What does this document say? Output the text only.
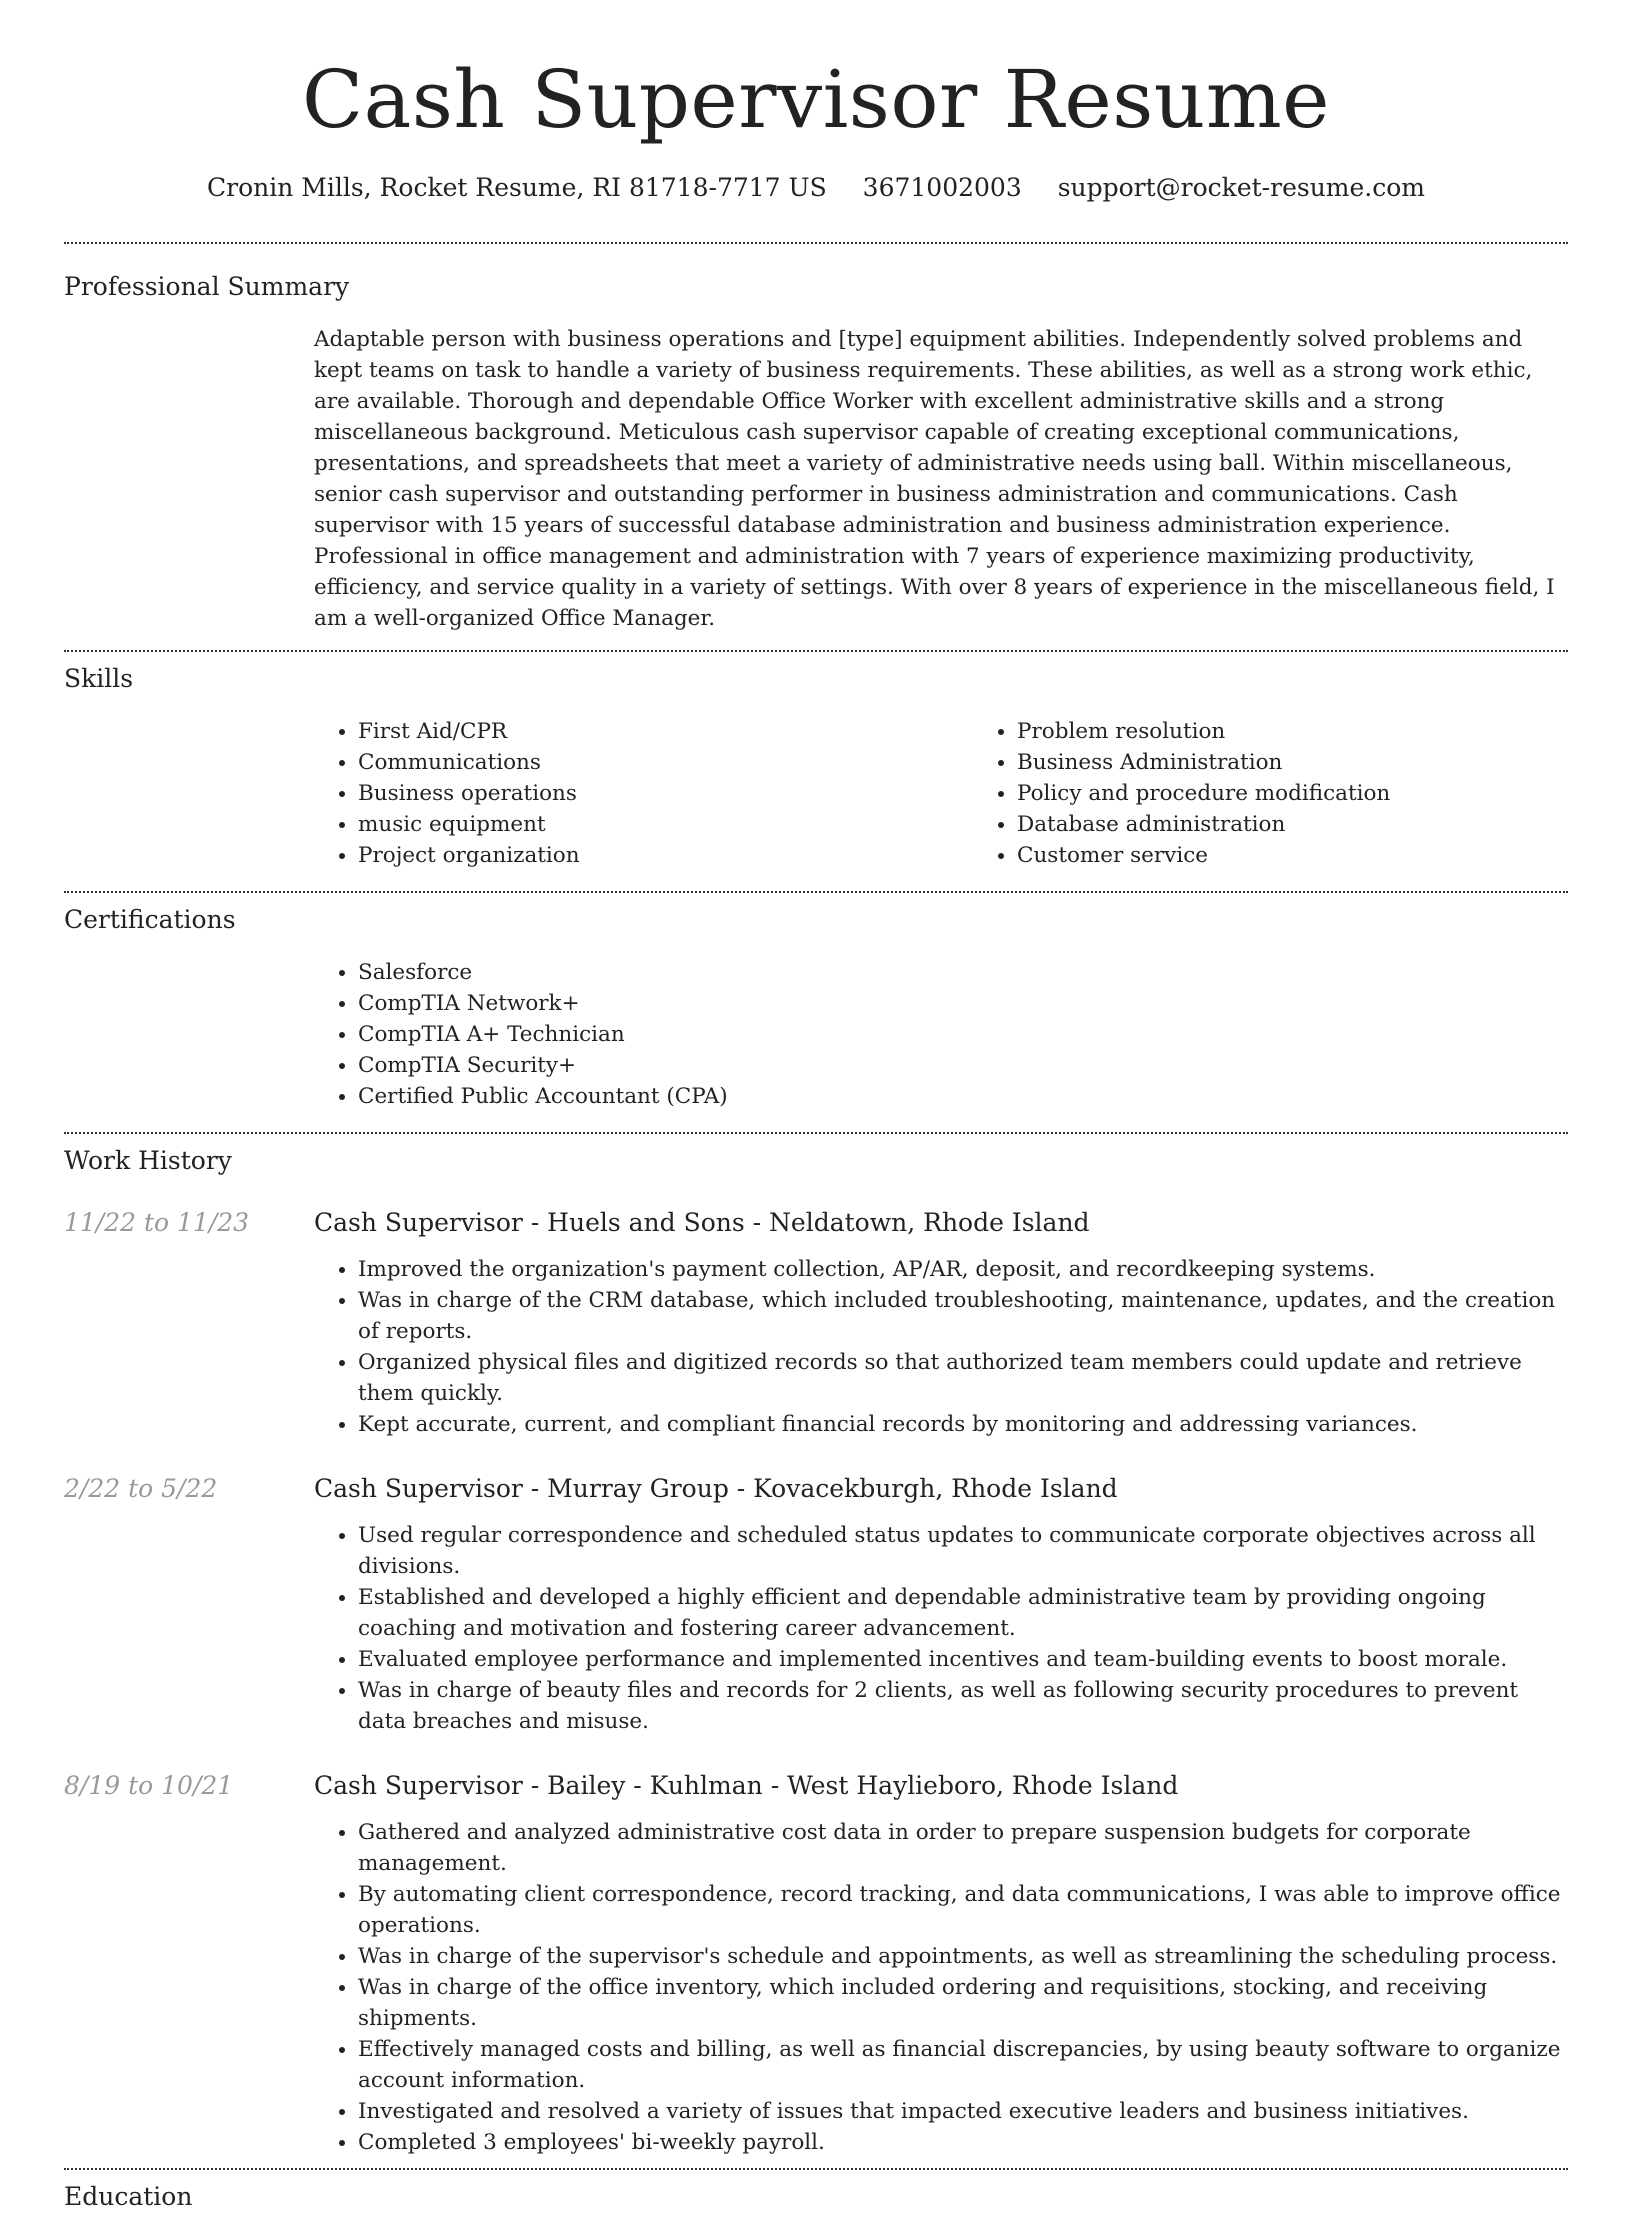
Cash Supervisor Resume
Cronin Mills, Rocket Resume, RI 81718-7717 US 3671002003 support@rocket-resume.com
Professional Summary

Adaptable person with business operations and [type] equipment abilities. Independently solved problems and kept teams on task to handle a variety of business requirements. These abilities, as well as a strong work ethic, are available. Thorough and dependable Office Worker with excellent administrative skills and a strong miscellaneous background. Meticulous cash supervisor capable of creating exceptional communications, presentations, and spreadsheets that meet a variety of administrative needs using ball. Within miscellaneous, senior cash supervisor and outstanding performer in business administration and communications. Cash supervisor with 15 years of successful database administration and business administration experience. Professional in office management and administration with 7 years of experience maximizing productivity, efficiency, and service quality in a variety of settings. With over 8 years of experience in the miscellaneous field, I am a well-organized Office Manager.

Skills
• First Aid/CPR
• Communications
• Business operations
• music equipment
• Project organization
• Problem resolution
• Business Administration
• Policy and procedure modification
• Database administration
• Customer service
Certifications
• Salesforce
• CompTIA Network+
• CompTIA A+ Technician
• CompTIA Security+
• Certified Public Accountant (CPA)
Work History
11/22 to 11/23	Cash Supervisor - Huels and Sons - Neldatown, Rhode Island
• Improved the organization's payment collection, AP/AR, deposit, and recordkeeping systems.
• Was in charge of the CRM database, which included troubleshooting, maintenance, updates, and the creation of reports.
• Organized physical files and digitized records so that authorized team members could update and retrieve them quickly.
• Kept accurate, current, and compliant financial records by monitoring and addressing variances.
2/22 to 5/22	Cash Supervisor - Murray Group - Kovacekburgh, Rhode Island
• Used regular correspondence and scheduled status updates to communicate corporate objectives across all divisions.
• Established and developed a highly efficient and dependable administrative team by providing ongoing coaching and motivation and fostering career advancement.
• Evaluated employee performance and implemented incentives and team-building events to boost morale.
• Was in charge of beauty files and records for 2 clients, as well as following security procedures to prevent data breaches and misuse.
8/19 to 10/21	Cash Supervisor - Bailey - Kuhlman - West Haylieboro, Rhode Island
• Gathered and analyzed administrative cost data in order to prepare suspension budgets for corporate management.
• By automating client correspondence, record tracking, and data communications, I was able to improve office operations.
• Was in charge of the supervisor's schedule and appointments, as well as streamlining the scheduling process.
• Was in charge of the office inventory, which included ordering and requisitions, stocking, and receiving shipments.
• Effectively managed costs and billing, as well as financial discrepancies, by using beauty software to organize account information.
• Investigated and resolved a variety of issues that impacted executive leaders and business initiatives.
• Completed 3 employees' bi-weekly payroll.
Education
